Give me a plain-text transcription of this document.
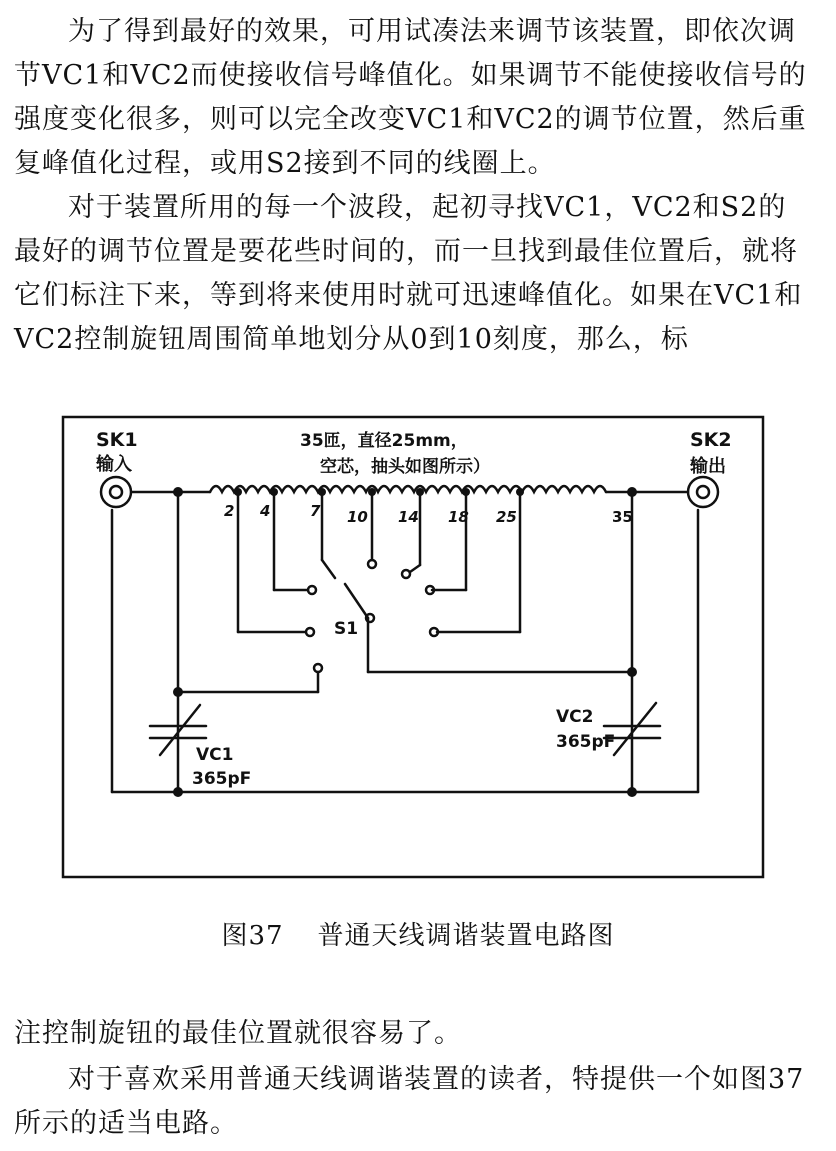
为了得到最好的效果，可用试凑法来调节该装置，即依次调节VC1和VC2而使接收信号峰值化。如果调节不能使接收信号的强度变化很多，则可以完全改变VC1和VC2的调节位置，然后重复峰值化过程，或用S2接到不同的线圈上。

对于装置所用的每一个波段，起初寻找VC1，VC2和S2的最好的调节位置是要花些时间的，而一旦找到最佳位置后，就将它们标注下来，等到将来使用时就可迅速峰值化。如果在VC1和VC2控制旋钮周围简单地划分从0到10刻度，那么，标

SK1
输入
SK2
输出
35匝，直径25mm，
空芯，抽头如图所示）
2 4	7 10 14 18 25	35
S1
VC1
365pF
VC2
365pF
图37 普通天线调谐装置电路图

注控制旋钮的最佳位置就很容易了。

对于喜欢采用普通天线调谐装置的读者，特提供一个如图37所示的适当电路。
